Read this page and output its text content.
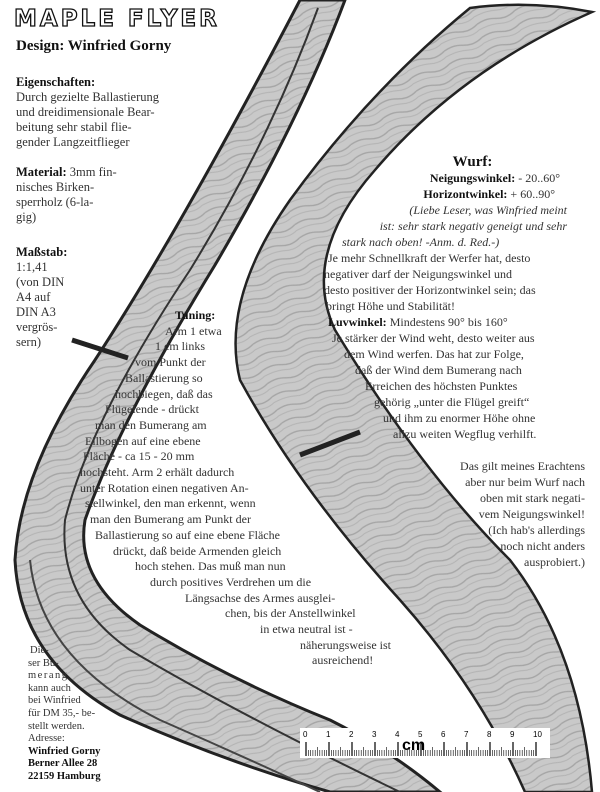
MAPLE FLYER
Design: Winfried Gorny
Eigenschaften:
Durch gezielte Ballastierung
und dreidimensionale Bear-
beitung sehr stabil flie-
gender Langzeitflieger
Material: 3mm fin-
nisches Birken-
sperrholz (6-la-
gig)
Maßstab:
1:1,41
(von DIN
A4 auf
DIN A3
vergrös-
sern)
Tuning:
Arm 1 etwa
1 cm links
vom Punkt der
Ballastierung so
hochbiegen, daß das
Flügelende - drückt
man den Bumerang am
Ellbogen auf eine ebene
Fläche - ca 15 - 20 mm
hochsteht. Arm 2 erhält dadurch
unter Rotation einen negativen An-
stellwinkel, den man erkennt, wenn
man den Bumerang am Punkt der
Ballastierung so auf eine ebene Fläche
drückt, daß beide Armenden gleich
hoch stehen. Das muß man nun
durch positives Verdrehen um die
Längsachse des Armes ausglei-
chen, bis der Anstellwinkel
in etwa neutral ist -
näherungsweise ist
ausreichend!
Wurf:
Neigungswinkel: - 20..60°
Horizontwinkel: + 60..90°
(Liebe Leser, was Winfried meint
ist: sehr stark negativ geneigt und sehr
stark nach oben! -Anm. d. Red.-)
Je mehr Schnellkraft der Werfer hat, desto
negativer darf der Neigungswinkel und
desto positiver der Horizontwinkel sein; das
bringt Höhe und Stabilität!
Luvwinkel: Mindestens 90° bis 160°
Je stärker der Wind weht, desto weiter aus
dem Wind werfen. Das hat zur Folge,
daß der Wind dem Bumerang nach
Erreichen des höchsten Punktes
gehörig „unter die Flügel greift“
und ihm zu enormer Höhe ohne
allzu weiten Wegflug verhilft.
Das gilt meines Erachtens
aber nur beim Wurf nach
oben mit stark negati-
vem Neigungswinkel!
(Ich hab's allerdings
noch nicht anders
ausprobiert.)
Die-
ser Bu-
merang
kann auch
bei Winfried
für DM 35,- be-
stellt werden.
Adresse:
Winfried Gorny
Berner Allee 28
22159 Hamburg
cm
0 1 2 3 4 5 6 7 8 9 10
